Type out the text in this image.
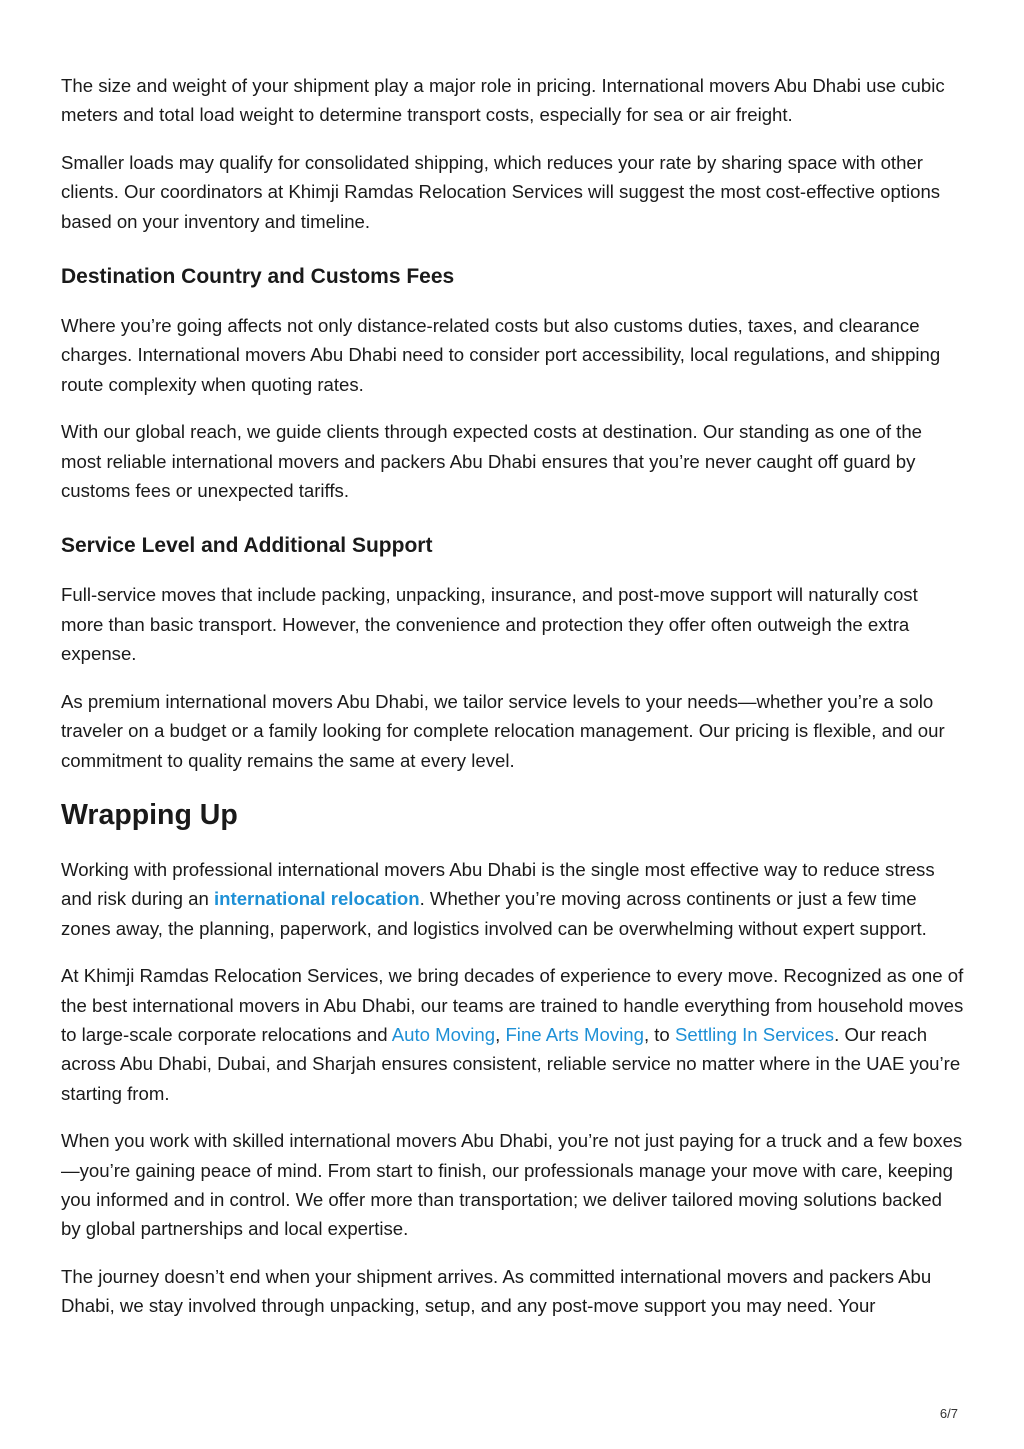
The size and weight of your shipment play a major role in pricing. International movers Abu Dhabi use cubic meters and total load weight to determine transport costs, especially for sea or air freight.

Smaller loads may qualify for consolidated shipping, which reduces your rate by sharing space with other clients. Our coordinators at Khimji Ramdas Relocation Services will suggest the most cost-effective options based on your inventory and timeline.

Destination Country and Customs Fees

Where you’re going affects not only distance-related costs but also customs duties, taxes, and clearance charges. International movers Abu Dhabi need to consider port accessibility, local regulations, and shipping route complexity when quoting rates.

With our global reach, we guide clients through expected costs at destination. Our standing as one of the most reliable international movers and packers Abu Dhabi ensures that you’re never caught off guard by customs fees or unexpected tariffs.

Service Level and Additional Support

Full-service moves that include packing, unpacking, insurance, and post-move support will naturally cost more than basic transport. However, the convenience and protection they offer often outweigh the extra expense.

As premium international movers Abu Dhabi, we tailor service levels to your needs—whether you’re a solo traveler on a budget or a family looking for complete relocation management. Our pricing is flexible, and our commitment to quality remains the same at every level.

Wrapping Up

Working with professional international movers Abu Dhabi is the single most effective way to reduce stress and risk during an international relocation. Whether you’re moving across continents or just a few time zones away, the planning, paperwork, and logistics involved can be overwhelming without expert support.

At Khimji Ramdas Relocation Services, we bring decades of experience to every move. Recognized as one of the best international movers in Abu Dhabi, our teams are trained to handle everything from household moves to large-scale corporate relocations and Auto Moving, Fine Arts Moving, to Settling In Services. Our reach across Abu Dhabi, Dubai, and Sharjah ensures consistent, reliable service no matter where in the UAE you’re starting from.

When you work with skilled international movers Abu Dhabi, you’re not just paying for a truck and a few boxes—you’re gaining peace of mind. From start to finish, our professionals manage your move with care, keeping you informed and in control. We offer more than transportation; we deliver tailored moving solutions backed by global partnerships and local expertise.

The journey doesn’t end when your shipment arrives. As committed international movers and packers Abu Dhabi, we stay involved through unpacking, setup, and any post-move support you may need. Your

6/7
